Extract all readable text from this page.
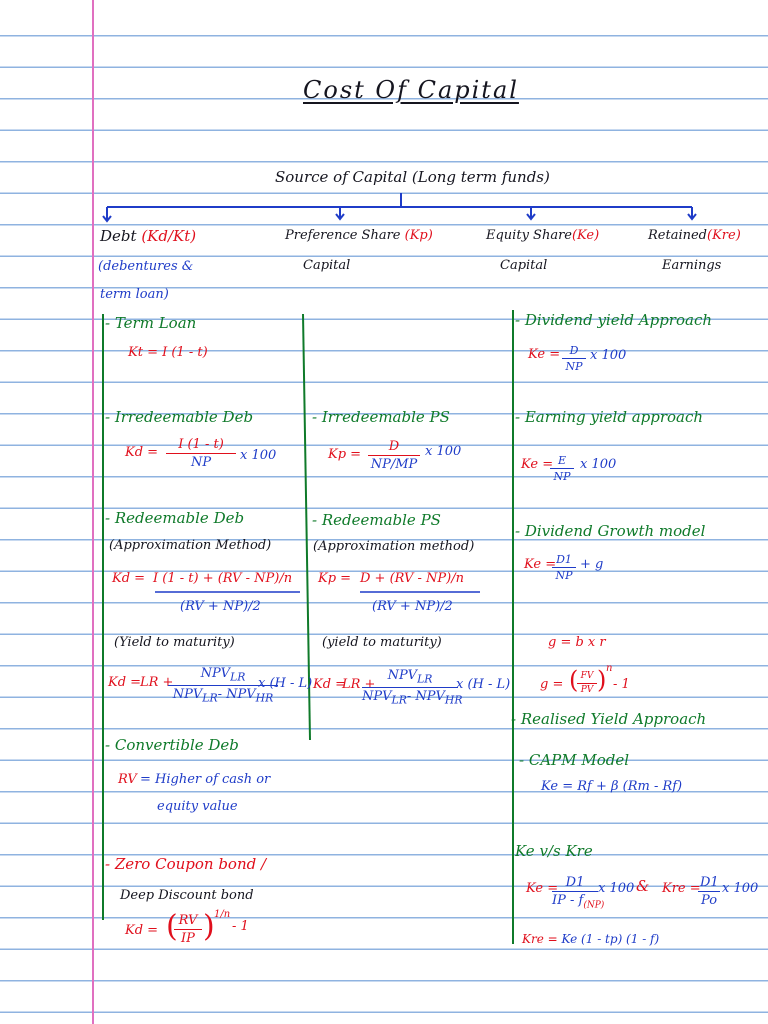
Cost Of Capital
Source of Capital (Long term funds)
Debt (Kd/Kt)
(debentures &
term loan)
Preference Share (Kp)
Capital
Equity Share(Ke)
Capital
Retained(Kre)
Earnings
- Term Loan
Kt = I (1 - t)
- Irredeemable Deb
$Kd = \frac{I (1 - t)}{NP}$ x 100
- Redeemable Deb
(Approximation Method)
Kd = I (1 - t) + (RV - NP)/n
(RV + NP)/2
(Yield to maturity)
Kd =
LR +
$NPV_{LR}$
$NPV_{LR}-$ $NPV_{HR}$
x (H - L)
- Convertible Deb
RV = Higher of cash or
equity value
- Zero Coupon bond /
Deep Discount bond
Kd = (
$\frac{RV}{IP}$ ) 1/n
- 1
- Irredeemable PS
$Kp = \frac{D}{NP/MP}$ x 100
- Redeemable PS
(Approximation method)
Kp = D + (RV - NP)/n
(RV + NP)/2
(yield to maturity)
Kd =
LR +
$NPV_{LR}$
$NPV_{LR}-$ $NPV_{HR}$
x (H - L)
- Dividend yield Approach
$Ke = \frac{D}{NP}$ x 100
- Earning yield approach
Ke =
$\frac{E}{NP}$ x 100
- Dividend Growth model
Ke =
$\frac{D1}{NP} + g$
g = b x r
g = (
$\frac{FV}{PV}$ ) n
- 1
- Realised Yield Approach
- CAPM Model
Ke = Rf + β (Rm - Rf)
Ke v/s Kre
Ke =
$\frac{D1}{IP - f_{(NP)}}$ x 100 & Kre =
$\frac{D1}{Po}$ x 100
Kre = Ke (1 - tp) (1 - f)
